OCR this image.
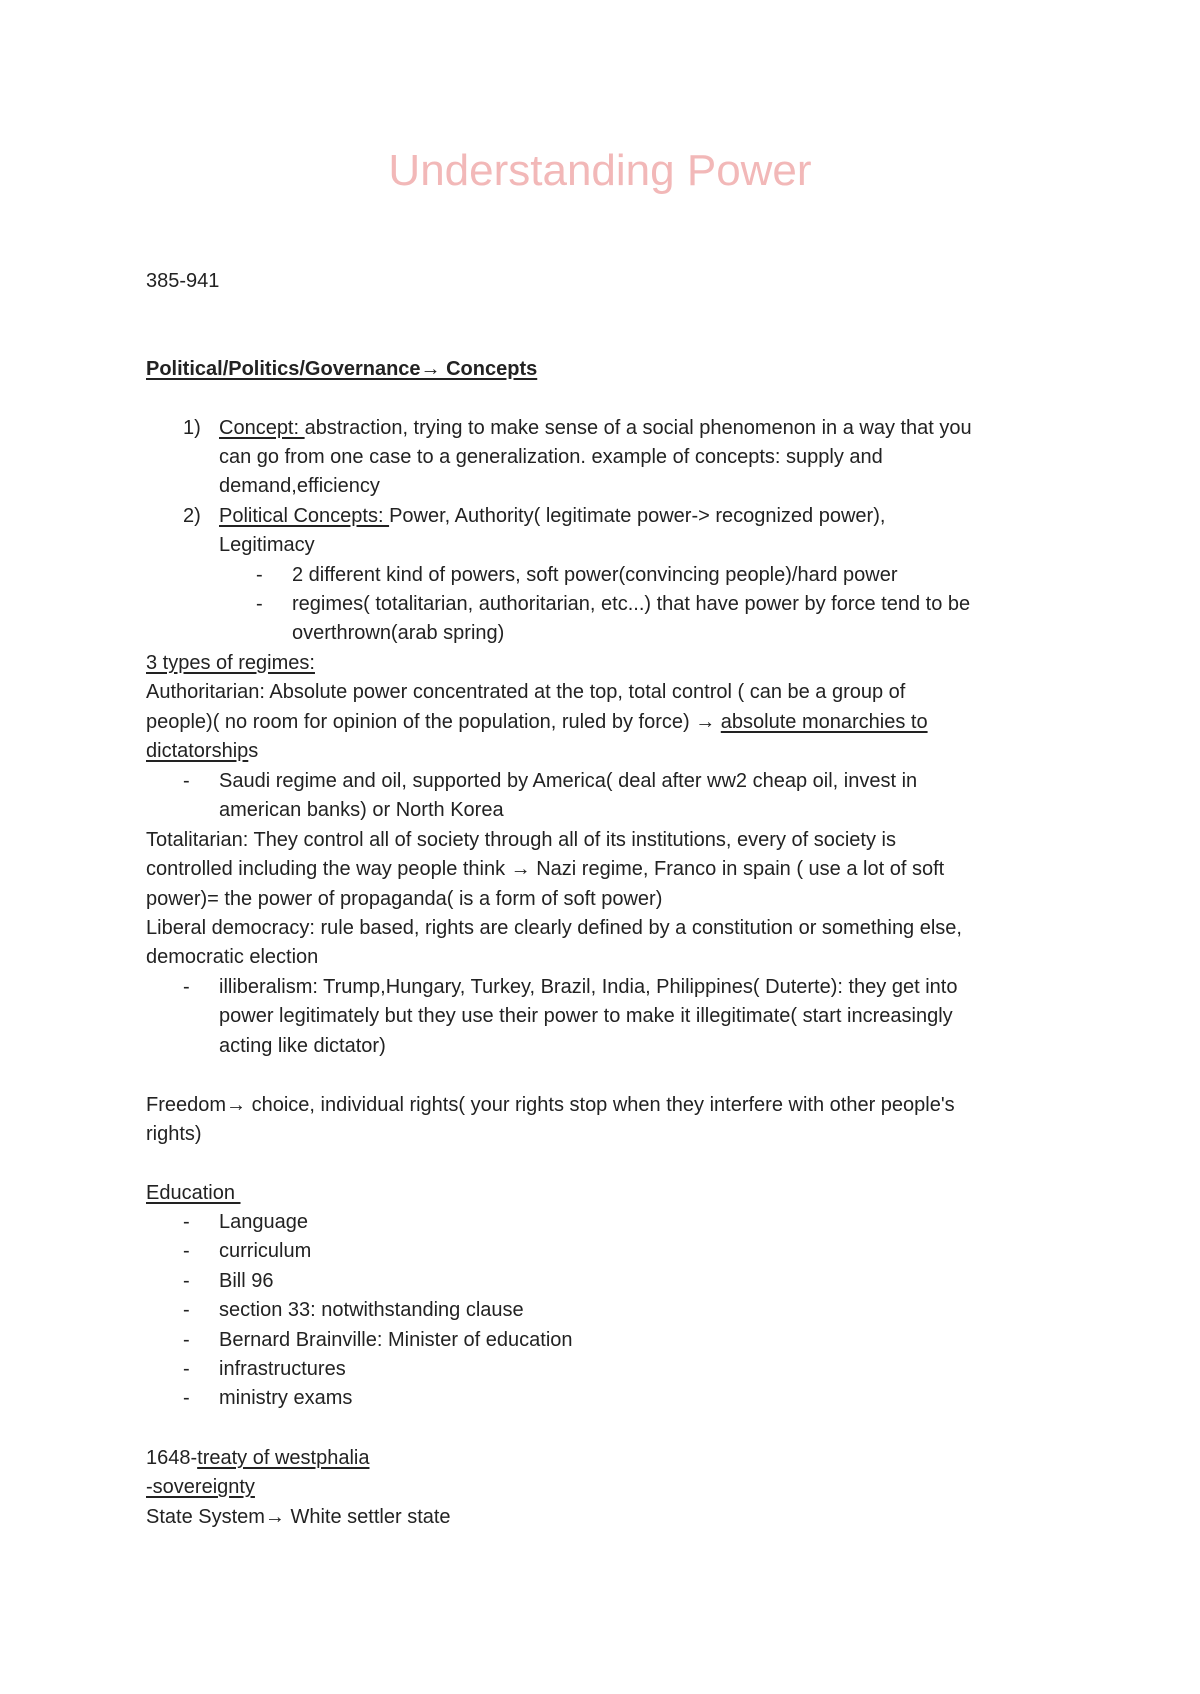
Understanding Power
385-941
Political/Politics/Governance→ Concepts
1) Concept: abstraction, trying to make sense of a social phenomenon in a way that you
can go from one case to a generalization. example of concepts: supply and
demand,efficiency
2) Political Concepts: Power, Authority( legitimate power-> recognized power),
Legitimacy
- 2 different kind of powers, soft power(convincing people)/hard power
- regimes( totalitarian, authoritarian, etc...) that have power by force tend to be
overthrown(arab spring)
3 types of regimes:
Authoritarian: Absolute power concentrated at the top, total control ( can be a group of
people)( no room for opinion of the population, ruled by force) → absolute monarchies to
dictatorships
- Saudi regime and oil, supported by America( deal after ww2 cheap oil, invest in
american banks) or North Korea
Totalitarian: They control all of society through all of its institutions, every of society is
controlled including the way people think → Nazi regime, Franco in spain ( use a lot of soft
power)= the power of propaganda( is a form of soft power)
Liberal democracy: rule based, rights are clearly defined by a constitution or something else,
democratic election
- illiberalism: Trump,Hungary, Turkey, Brazil, India, Philippines( Duterte): they get into
power legitimately but they use their power to make it illegitimate( start increasingly
acting like dictator)
Freedom→ choice, individual rights( your rights stop when they interfere with other people's
rights)
Education
- Language
- curriculum
- Bill 96
- section 33: notwithstanding clause
- Bernard Brainville: Minister of education
- infrastructures
- ministry exams
1648-treaty of westphalia
-sovereignty
State System→ White settler state
